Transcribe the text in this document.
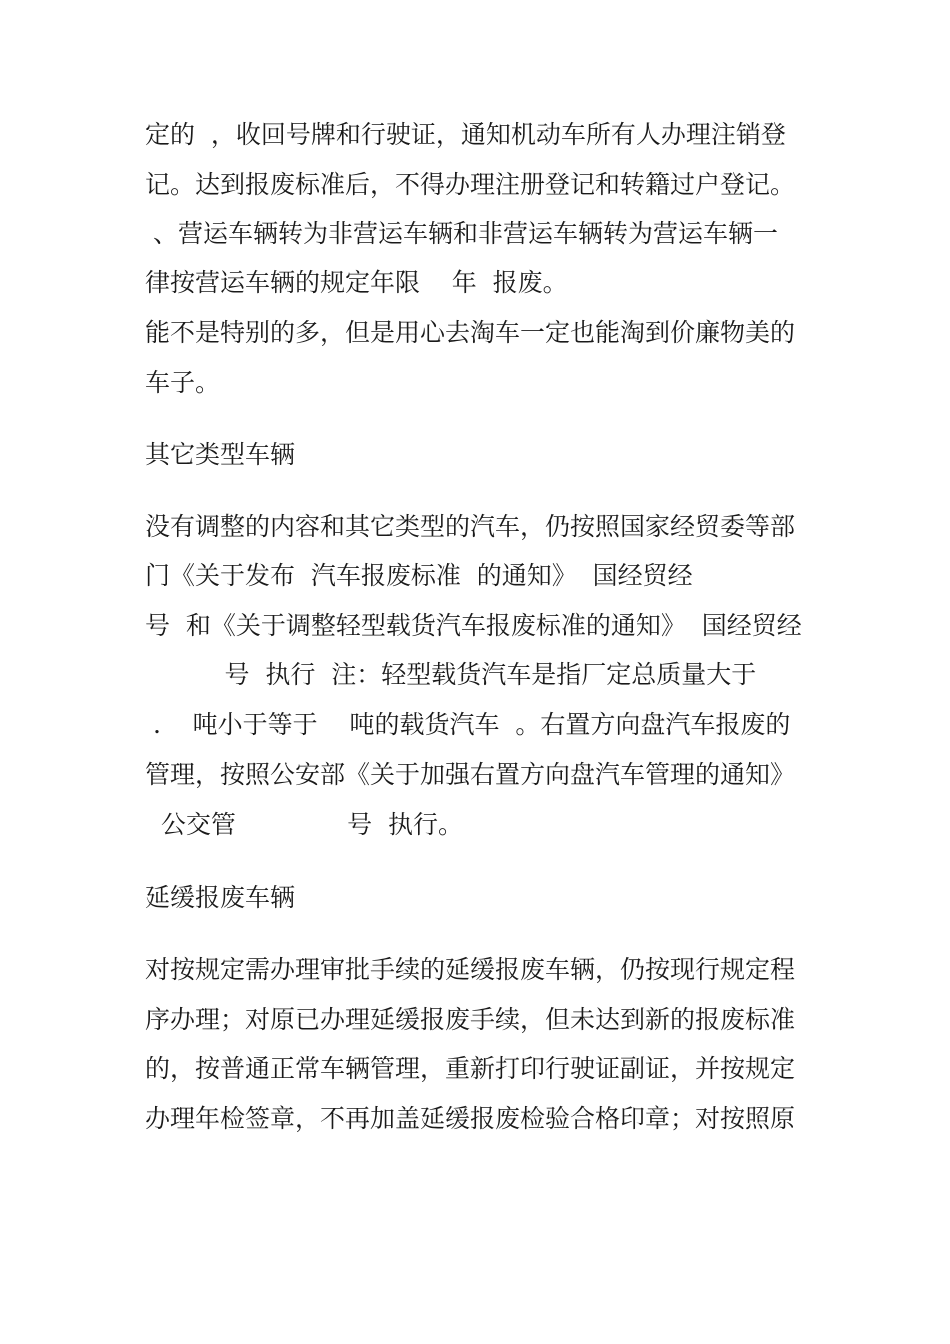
定的  ，收回号牌和行驶证，通知机动车所有人办理注销登

记。达到报废标准后，不得办理注册登记和转籍过户登记。

、营运车辆转为非营运车辆和非营运车辆转为营运车辆一

律按营运车辆的规定年限    年  报废。

能不是特别的多，但是用心去淘车一定也能淘到价廉物美的

车子。

其它类型车辆

没有调整的内容和其它类型的汽车，仍按照国家经贸委等部

门《关于发布  汽车报废标准  的通知》  国经贸经

号  和《关于调整轻型载货汽车报废标准的通知》  国经贸经

号  执行  注：轻型载货汽车是指厂定总质量大于

.    吨小于等于    吨的载货汽车  。右置方向盘汽车报废的

管理，按照公安部《关于加强右置方向盘汽车管理的通知》

公交管              号  执行。

延缓报废车辆

对按规定需办理审批手续的延缓报废车辆，仍按现行规定程

序办理；对原已办理延缓报废手续，但未达到新的报废标准

的，按普通正常车辆管理，重新打印行驶证副证，并按规定

办理年检签章，不再加盖延缓报废检验合格印章；对按照原
